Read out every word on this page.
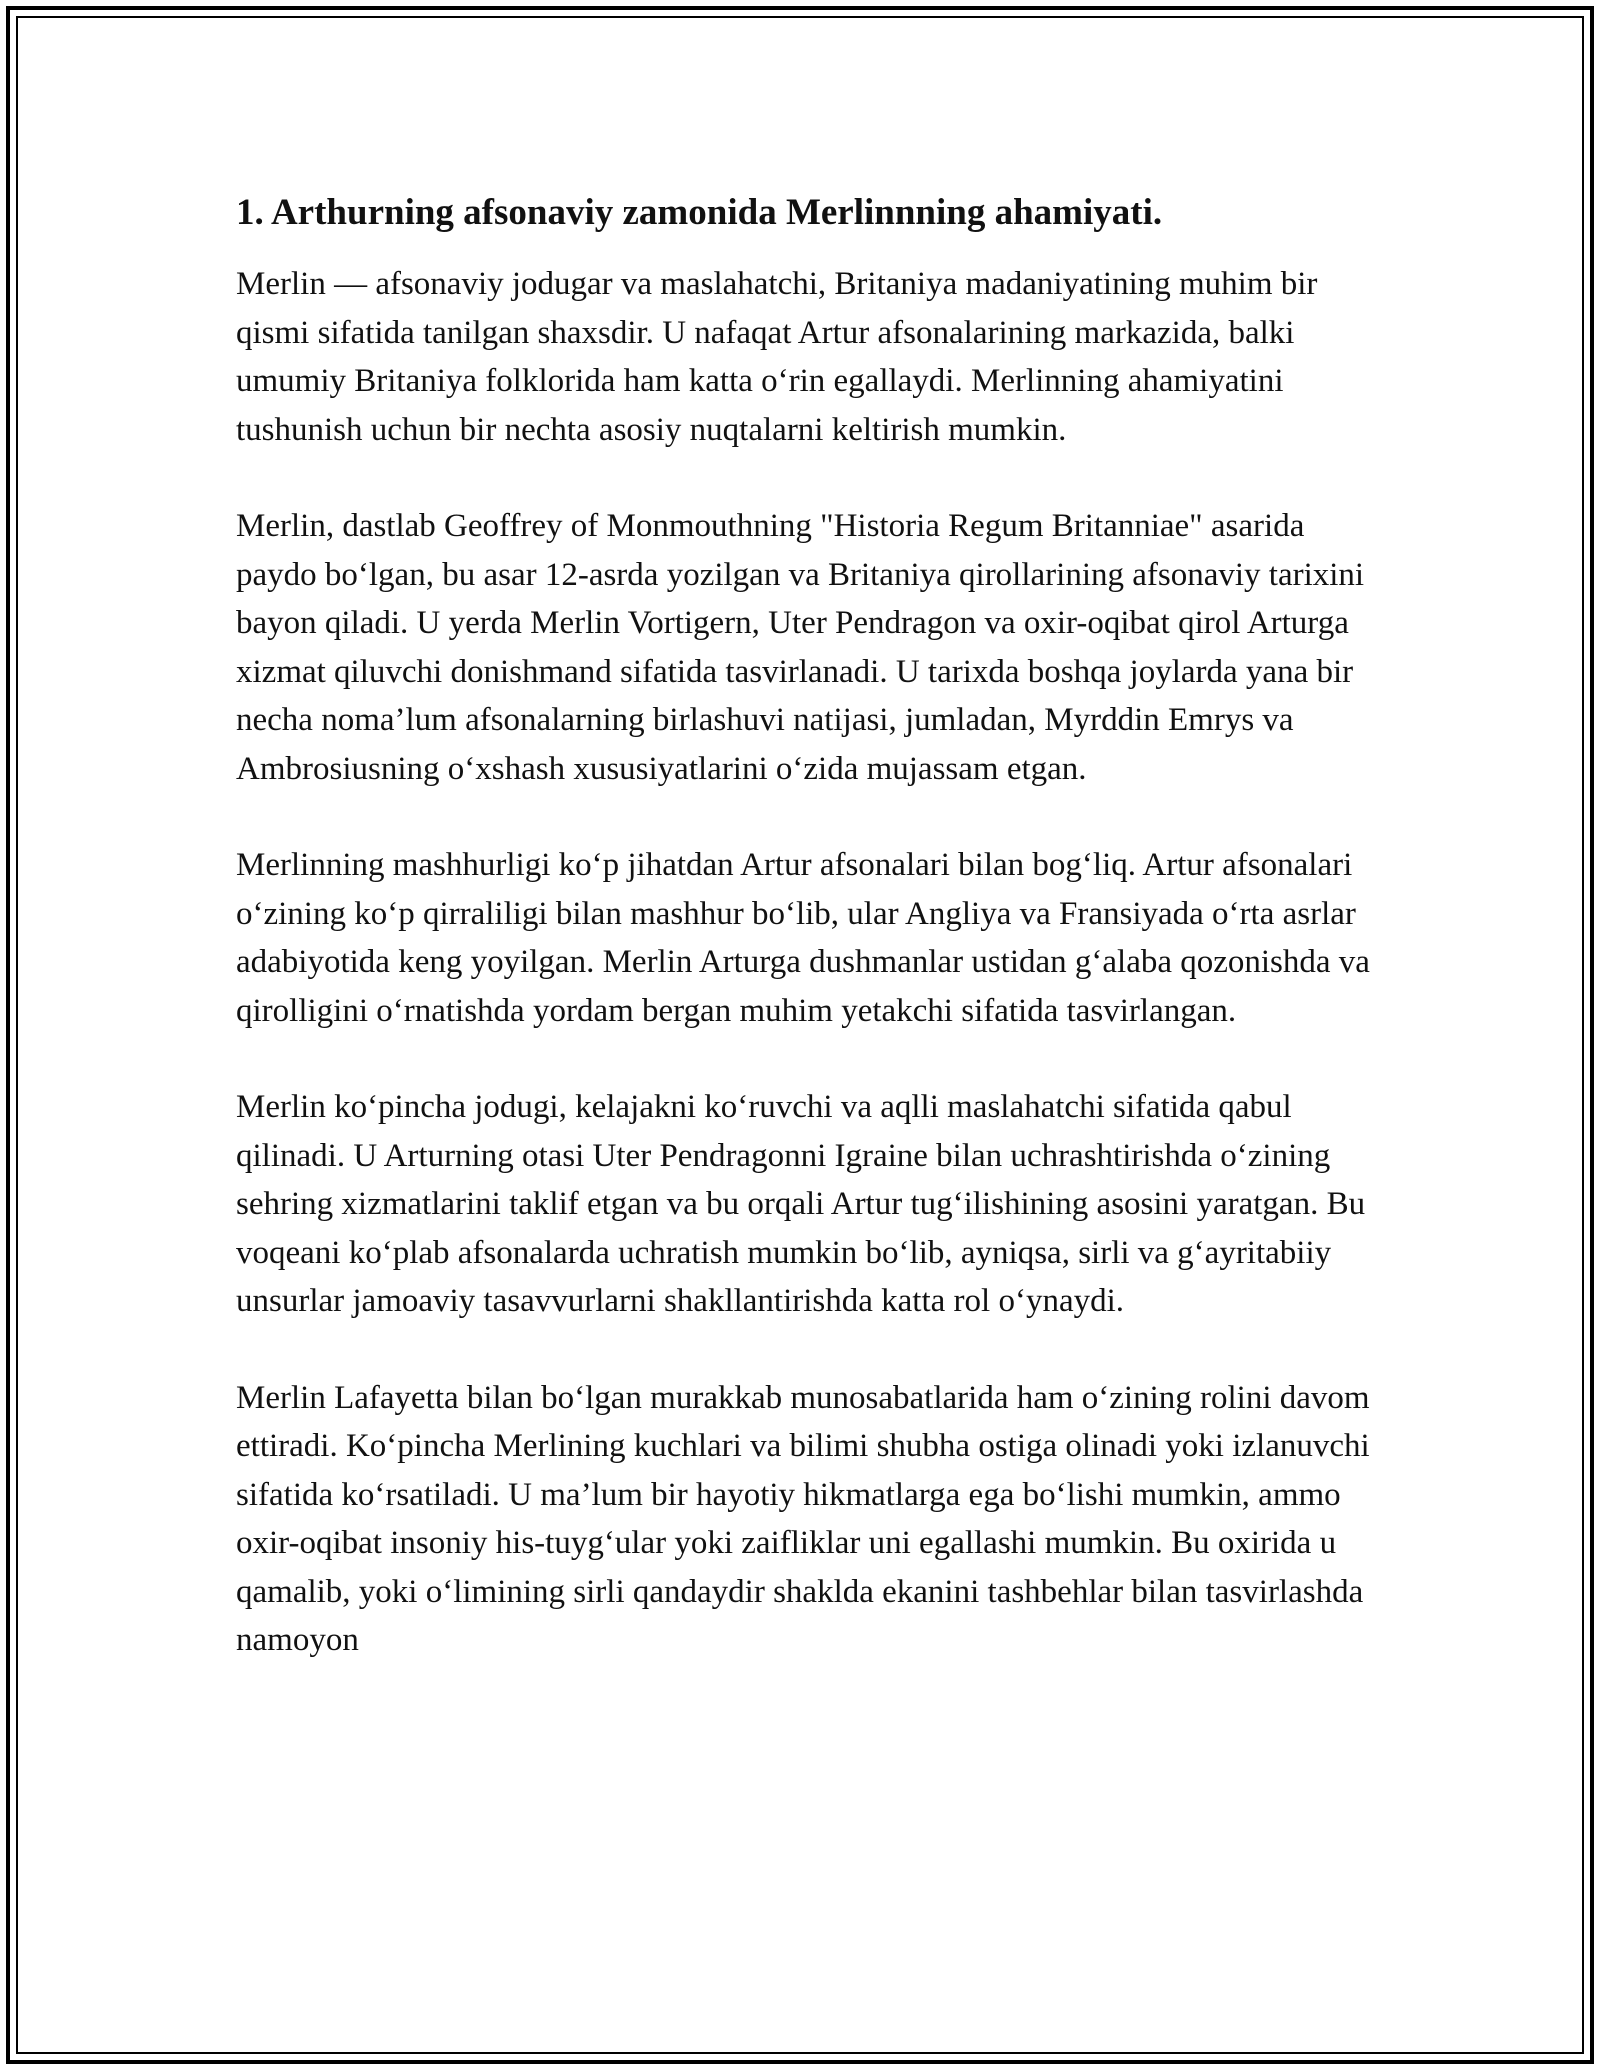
1. Arthurning afsonaviy zamonida Merlinnning ahamiyati.

Merlin — afsonaviy jodugar va maslahatchi, Britaniya madaniyatining muhim bir qismi sifatida tanilgan shaxsdir. U nafaqat Artur afsonalarining markazida, balki umumiy Britaniya folklorida ham katta oʻrin egallaydi. Merlinning ahamiyatini tushunish uchun bir nechta asosiy nuqtalarni keltirish mumkin.

Merlin, dastlab Geoffrey of Monmouthning "Historia Regum Britanniae" asarida paydo boʻlgan, bu asar 12-asrda yozilgan va Britaniya qirollarining afsonaviy tarixini bayon qiladi. U yerda Merlin Vortigern, Uter Pendragon va oxir-oqibat qirol Arturga xizmat qiluvchi donishmand sifatida tasvirlanadi. U tarixda boshqa joylarda yana bir necha noma’lum afsonalarning birlashuvi natijasi, jumladan, Myrddin Emrys va Ambrosiusning oʻxshash xususiyatlarini oʻzida mujassam etgan.

Merlinning mashhurligi koʻp jihatdan Artur afsonalari bilan bogʻliq. Artur afsonalari oʻzining koʻp qirraliligi bilan mashhur boʻlib, ular Angliya va Fransiyada oʻrta asrlar adabiyotida keng yoyilgan. Merlin Arturga dushmanlar ustidan gʻalaba qozonishda va qirolligini oʻrnatishda yordam bergan muhim yetakchi sifatida tasvirlangan.

Merlin koʻpincha jodugi, kelajakni koʻruvchi va aqlli maslahatchi sifatida qabul qilinadi. U Arturning otasi Uter Pendragonni Igraine bilan uchrashtirishda oʻzining sehring xizmatlarini taklif etgan va bu orqali Artur tugʻilishining asosini yaratgan. Bu voqeani koʻplab afsonalarda uchratish mumkin boʻlib, ayniqsa, sirli va gʻayritabiiy unsurlar jamoaviy tasavvurlarni shakllantirishda katta rol oʻynaydi.

Merlin Lafayetta bilan boʻlgan murakkab munosabatlarida ham oʻzining rolini davom ettiradi. Koʻpincha Merlining kuchlari va bilimi shubha ostiga olinadi yoki izlanuvchi sifatida koʻrsatiladi. U ma’lum bir hayotiy hikmatlarga ega boʻlishi mumkin, ammo oxir-oqibat insoniy his-tuygʻular yoki zaifliklar uni egallashi mumkin. Bu oxirida u qamalib, yoki oʻlimining sirli qandaydir shaklda ekanini tashbehlar bilan tasvirlashda namoyon
